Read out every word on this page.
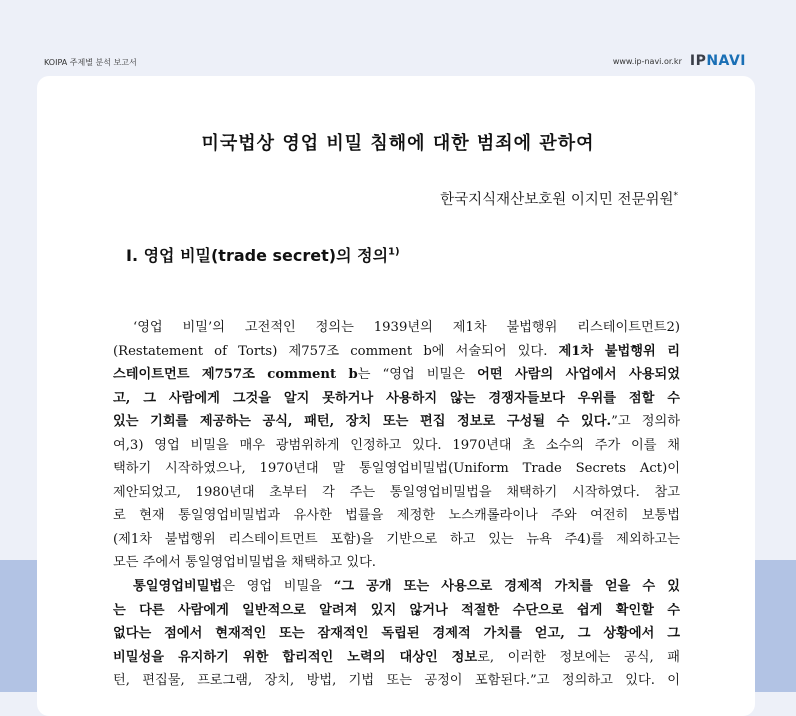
KOIPA 주제별 분석 보고서	www.ip-navi.or.kr IP NAVI
미국법상 영업 비밀 침해에 대한 범죄에 관하여
한국지식재산보호원 이지민 전문위원*
I. 영업 비밀(trade secret)의 정의$^{1)}$
‘영업 비밀’의 고전적인 정의는 1939년의 제1차 불법행위 리스테이트먼트2)
(Restatement of Torts) 제757조 comment b에 서술되어 있다. 제1차 불법행위 리
스테이트먼트 제757조 comment b는 “영업 비밀은 어떤 사람의 사업에서 사용되었
고, 그 사람에게 그것을 알지 못하거나 사용하지 않는 경쟁자들보다 우위를 점할 수
있는 기회를 제공하는 공식, 패턴, 장치 또는 편집 정보로 구성될 수 있다.”고 정의하
여,3) 영업 비밀을 매우 광범위하게 인정하고 있다. 1970년대 초 소수의 주가 이를 채
택하기 시작하였으나, 1970년대 말 통일영업비밀법(Uniform Trade Secrets Act)이
제안되었고, 1980년대 초부터 각 주는 통일영업비밀법을 채택하기 시작하였다. 참고
로 현재 통일영업비밀법과 유사한 법률을 제정한 노스캐롤라이나 주와 여전히 보통법
(제1차 불법행위 리스테이트먼트 포함)을 기반으로 하고 있는 뉴욕 주4)를 제외하고는
모든 주에서 통일영업비밀법을 채택하고 있다.
통일영업비밀법은 영업 비밀을 “그 공개 또는 사용으로 경제적 가치를 얻을 수 있
는 다른 사람에게 일반적으로 알려져 있지 않거나 적절한 수단으로 쉽게 확인할 수
없다는 점에서 현재적인 또는 잠재적인 독립된 경제적 가치를 얻고, 그 상황에서 그
비밀성을 유지하기 위한 합리적인 노력의 대상인 정보로, 이러한 정보에는 공식, 패
턴, 편집물, 프로그램, 장치, 방법, 기법 또는 공정이 포함된다.”고 정의하고 있다. 이
